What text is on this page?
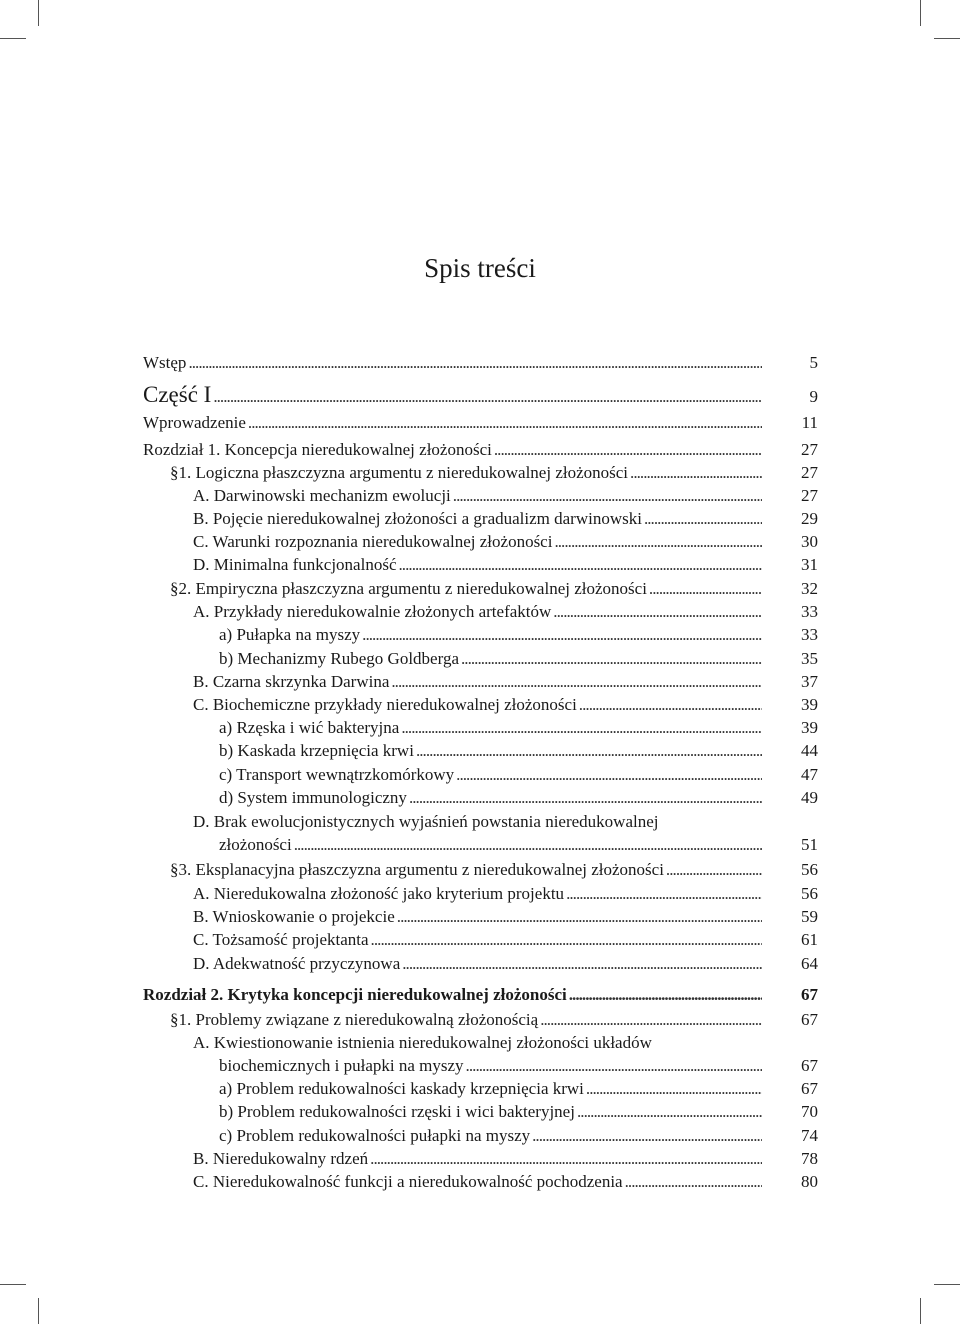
Spis treści
Wstęp . . .	5
Część I . . .	9
Wprowadzenie . . .	11
Rozdział 1. Koncepcja nieredukowalnej złożoności . . .	27
§1. Logiczna płaszczyzna argumentu z nieredukowalnej złożoności . . .	27
A. Darwinowski mechanizm ewolucji . . .	27
B. Pojęcie nieredukowalnej złożoności a gradualizm darwinowski . . .	29
C. Warunki rozpoznania nieredukowalnej złożoności . . .	30
D. Minimalna funkcjonalność . . .	31
§2. Empiryczna płaszczyzna argumentu z nieredukowalnej złożoności . . .	32
A. Przykłady nieredukowalnie złożonych artefaktów . . .	33
a) Pułapka na myszy . . .	33
b) Mechanizmy Rubego Goldberga . . .	35
B. Czarna skrzynka Darwina . . .	37
C. Biochemiczne przykłady nieredukowalnej złożoności . . .	39
a) Rzęska i wić bakteryjna . . .	39
b) Kaskada krzepnięcia krwi . . .	44
c) Transport wewnątrzkomórkowy . . .	47
d) System immunologiczny . . .	49
D. Brak ewolucjonistycznych wyjaśnień powstania nieredukowalnej
złożoności . . .	51
§3. Eksplanacyjna płaszczyzna argumentu z nieredukowalnej złożoności . . .	56
A. Nieredukowalna złożoność jako kryterium projektu . . .	56
B. Wnioskowanie o projekcie . . .	59
C. Tożsamość projektanta . . .	61
D. Adekwatność przyczynowa . . .	64
Rozdział 2. Krytyka koncepcji nieredukowalnej złożoności . . .	67
§1. Problemy związane z nieredukowalną złożonością . . .	67
A. Kwiestionowanie istnienia nieredukowalnej złożoności układów
biochemicznych i pułapki na myszy . . .	67
a) Problem redukowalności kaskady krzepnięcia krwi . . .	67
b) Problem redukowalności rzęski i wici bakteryjnej . . .	70
c) Problem redukowalności pułapki na myszy . . .	74
B. Nieredukowalny rdzeń . . .	78
C. Nieredukowalność funkcji a nieredukowalność pochodzenia . . .	80
